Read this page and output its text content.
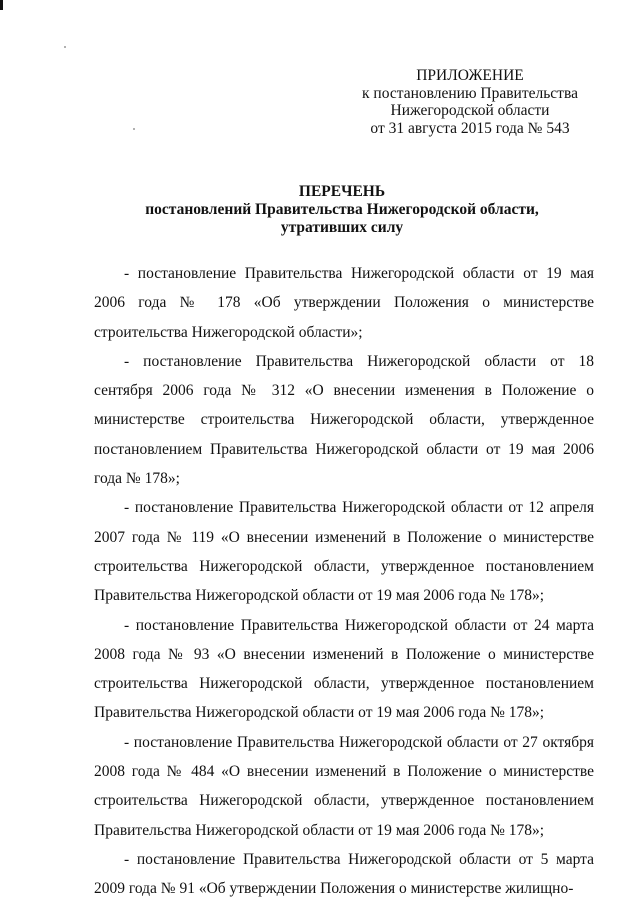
ПРИЛОЖЕНИЕ
к постановлению Правительства
Нижегородской области
от 31 августа 2015 года № 543
ПЕРЕЧЕНЬ
постановлений Правительства Нижегородской области,
утративших силу

- постановление Правительства Нижегородской области от 19 мая 2006 года № 178 «Об утверждении Положения о министерстве строительства Нижегородской области»;

- постановление Правительства Нижегородской области от 18 сентября 2006 года № 312 «О внесении изменения в Положение о министерстве строительства Нижегородской области, утвержденное постановлением Правительства Нижегородской области от 19 мая 2006 года № 178»;

- постановление Правительства Нижегородской области от 12 апреля 2007 года № 119 «О внесении изменений в Положение о министерстве строительства Нижегородской области, утвержденное постановлением Правительства Нижегородской области от 19 мая 2006 года № 178»;

- постановление Правительства Нижегородской области от 24 марта 2008 года № 93 «О внесении изменений в Положение о министерстве строительства Нижегородской области, утвержденное постановлением Правительства Нижегородской области от 19 мая 2006 года № 178»;

- постановление Правительства Нижегородской области от 27 октября 2008 года № 484 «О внесении изменений в Положение о министерстве строительства Нижегородской области, утвержденное постановлением Правительства Нижегородской области от 19 мая 2006 года № 178»;

- постановление Правительства Нижегородской области от 5 марта 2009 года № 91 «Об утверждении Положения о министерстве жилищно-
